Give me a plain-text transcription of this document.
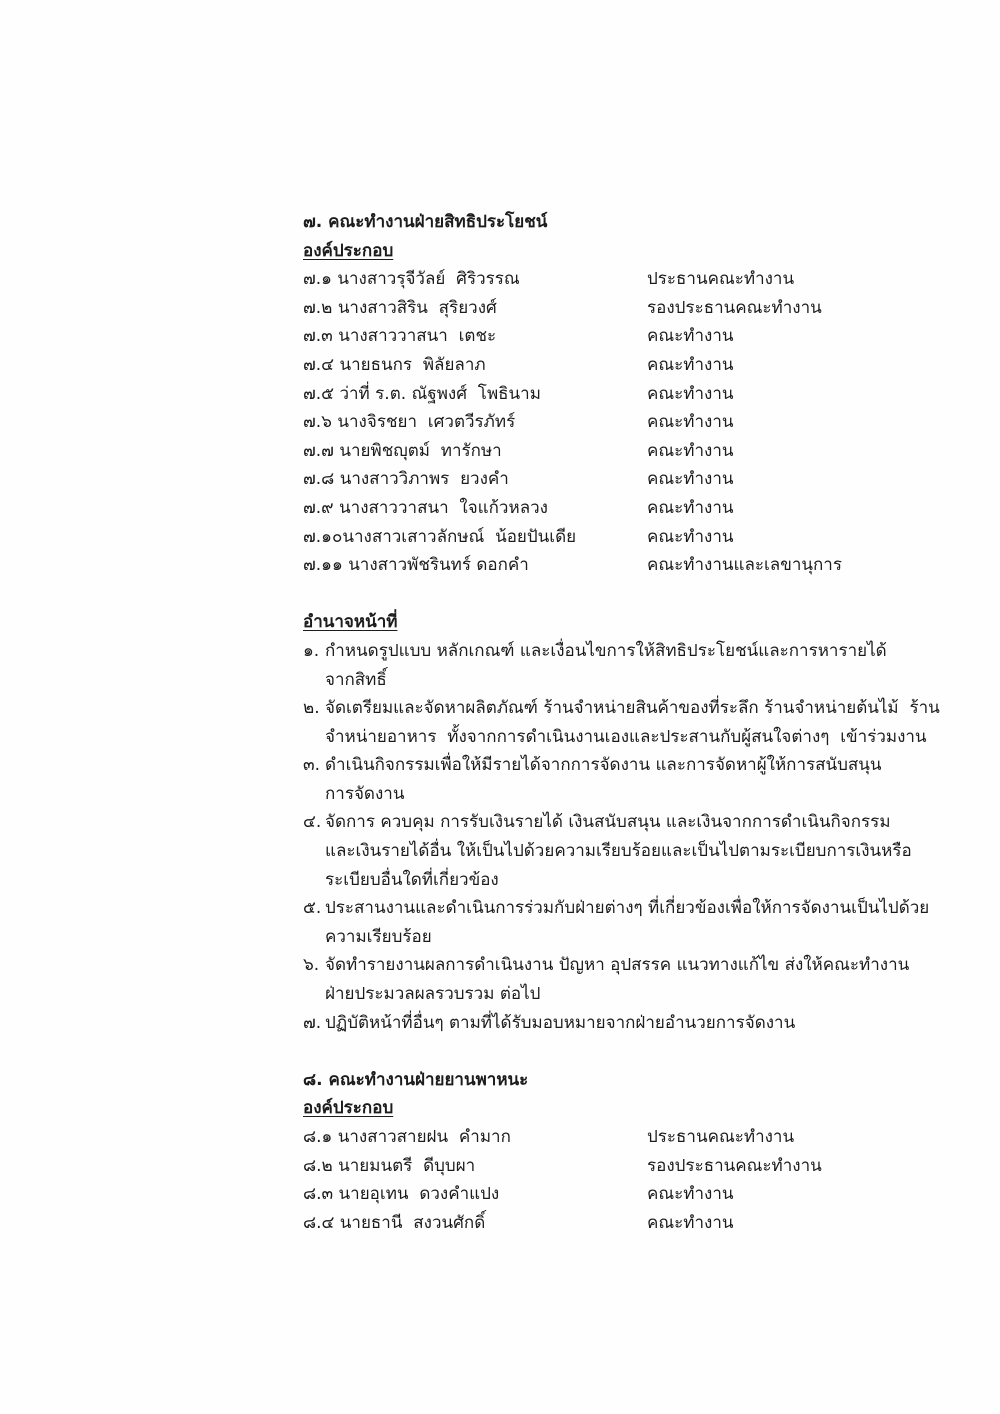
๗. คณะทำงานฝ่ายสิทธิประโยชน์
องค์ประกอบ
๗.๑ นางสาวรุจีวัลย์  ศิริวรรณ	ประธานคณะทำงาน
๗.๒ นางสาวสิริน  สุริยวงศ์	รองประธานคณะทำงาน
๗.๓ นางสาววาสนา  เตชะ	คณะทำงาน
๗.๔ นายธนกร  พิลัยลาภ	คณะทำงาน
๗.๕ ว่าที่ ร.ต. ณัฐพงศ์  โพธินาม	คณะทำงาน
๗.๖ นางจิรชยา  เศวตวีรภัทร์	คณะทำงาน
๗.๗ นายพิชญุตม์  ทารักษา	คณะทำงาน
๗.๘ นางสาววิภาพร  ยวงคำ	คณะทำงาน
๗.๙ นางสาววาสนา  ใจแก้วหลวง	คณะทำงาน
๗.๑๐นางสาวเสาวลักษณ์  น้อยปันเดีย	คณะทำงาน
๗.๑๑ นางสาวพัชรินทร์ ดอกคำ	คณะทำงานและเลขานุการ
อำนาจหน้าที่
๑. กำหนดรูปแบบ หลักเกณฑ์ และเงื่อนไขการให้สิทธิประโยชน์และการหารายได้
จากสิทธิ์
๒. จัดเตรียมและจัดหาผลิตภัณฑ์ ร้านจำหน่ายสินค้าของที่ระลึก ร้านจำหน่ายต้นไม้  ร้าน
จำหน่ายอาหาร  ทั้งจากการดำเนินงานเองและประสานกับผู้สนใจต่างๆ  เข้าร่วมงาน
๓. ดำเนินกิจกรรมเพื่อให้มีรายได้จากการจัดงาน และการจัดหาผู้ให้การสนับสนุน
การจัดงาน
๔. จัดการ ควบคุม การรับเงินรายได้ เงินสนับสนุน และเงินจากการดำเนินกิจกรรม
และเงินรายได้อื่น ให้เป็นไปด้วยความเรียบร้อยและเป็นไปตามระเบียบการเงินหรือ
ระเบียบอื่นใดที่เกี่ยวข้อง
๕. ประสานงานและดำเนินการร่วมกับฝ่ายต่างๆ ที่เกี่ยวข้องเพื่อให้การจัดงานเป็นไปด้วย
ความเรียบร้อย
๖. จัดทำรายงานผลการดำเนินงาน ปัญหา อุปสรรค แนวทางแก้ไข ส่งให้คณะทำงาน
ฝ่ายประมวลผลรวบรวม ต่อไป
๗. ปฏิบัติหน้าที่อื่นๆ ตามที่ได้รับมอบหมายจากฝ่ายอำนวยการจัดงาน
๘. คณะทำงานฝ่ายยานพาหนะ
องค์ประกอบ
๘.๑ นางสาวสายฝน  คำมาก	ประธานคณะทำงาน
๘.๒ นายมนตรี  ดีบุบผา	รองประธานคณะทำงาน
๘.๓ นายอุเทน  ดวงคำแปง	คณะทำงาน
๘.๔ นายธานี  สงวนศักดิ์	คณะทำงาน
